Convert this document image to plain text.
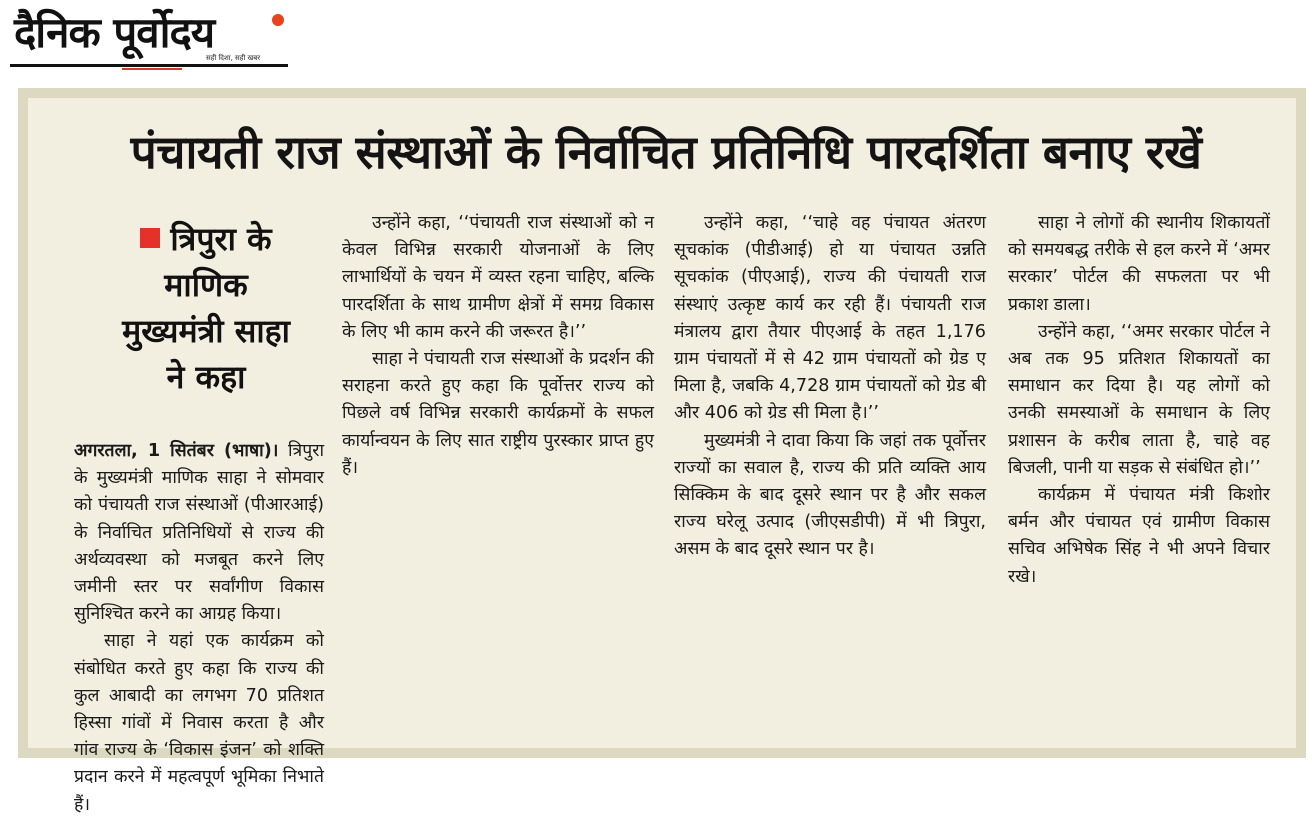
दैनिक पूर्वोदय
सही दिशा, सही खबर
पंचायती राज संस्थाओं के निर्वाचित प्रतिनिधि पारदर्शिता बनाए रखें
त्रिपुरा के
माणिक
मुख्यमंत्री साहा
ने कहा

अगरतला, 1 सितंबर (भाषा)। त्रिपुरा के मुख्यमंत्री माणिक साहा ने सोमवार को पंचायती राज संस्थाओं (पीआरआई) के निर्वाचित प्रतिनिधियों से राज्य की अर्थव्यवस्था को मजबूत करने लिए जमीनी स्तर पर सर्वांगीण विकास सुनिश्चित करने का आग्रह किया।

साहा ने यहां एक कार्यक्रम को संबोधित करते हुए कहा कि राज्य की कुल आबादी का लगभग 70 प्रतिशत हिस्सा गांवों में निवास करता है और गांव राज्य के ‘विकास इंजन’ को शक्ति प्रदान करने में महत्वपूर्ण भूमिका निभाते हैं।

उन्होंने कहा, ‘‘पंचायती राज संस्थाओं को न केवल विभिन्न सरकारी योजनाओं के लिए लाभार्थियों के चयन में व्यस्त रहना चाहिए, बल्कि पारदर्शिता के साथ ग्रामीण क्षेत्रों में समग्र विकास के लिए भी काम करने की जरूरत है।’’

साहा ने पंचायती राज संस्थाओं के प्रदर्शन की सराहना करते हुए कहा कि पूर्वोत्तर राज्य को पिछले वर्ष विभिन्न सरकारी कार्यक्रमों के सफल कार्यान्वयन के लिए सात राष्ट्रीय पुरस्कार प्राप्त हुए हैं।

उन्होंने कहा, ‘‘चाहे वह पंचायत अंतरण सूचकांक (पीडीआई) हो या पंचायत उन्नति सूचकांक (पीएआई), राज्य की पंचायती राज संस्थाएं उत्कृष्ट कार्य कर रही हैं। पंचायती राज मंत्रालय द्वारा तैयार पीएआई के तहत 1,176 ग्राम पंचायतों में से 42 ग्राम पंचायतों को ग्रेड ए मिला है, जबकि 4,728 ग्राम पंचायतों को ग्रेड बी और 406 को ग्रेड सी मिला है।’’

मुख्यमंत्री ने दावा किया कि जहां तक पूर्वोत्तर राज्यों का सवाल है, राज्य की प्रति व्यक्ति आय सिक्किम के बाद दूसरे स्थान पर है और सकल राज्य घरेलू उत्पाद (जीएसडीपी) में भी त्रिपुरा, असम के बाद दूसरे स्थान पर है।

साहा ने लोगों की स्थानीय शिकायतों को समयबद्ध तरीके से हल करने में ‘अमर सरकार’ पोर्टल की सफलता पर भी प्रकाश डाला।

उन्होंने कहा, ‘‘अमर सरकार पोर्टल ने अब तक 95 प्रतिशत शिकायतों का समाधान कर दिया है। यह लोगों को उनकी समस्याओं के समाधान के लिए प्रशासन के करीब लाता है, चाहे वह बिजली, पानी या सड़क से संबंधित हो।’’

कार्यक्रम में पंचायत मंत्री किशोर बर्मन और पंचायत एवं ग्रामीण विकास सचिव अभिषेक सिंह ने भी अपने विचार रखे।
